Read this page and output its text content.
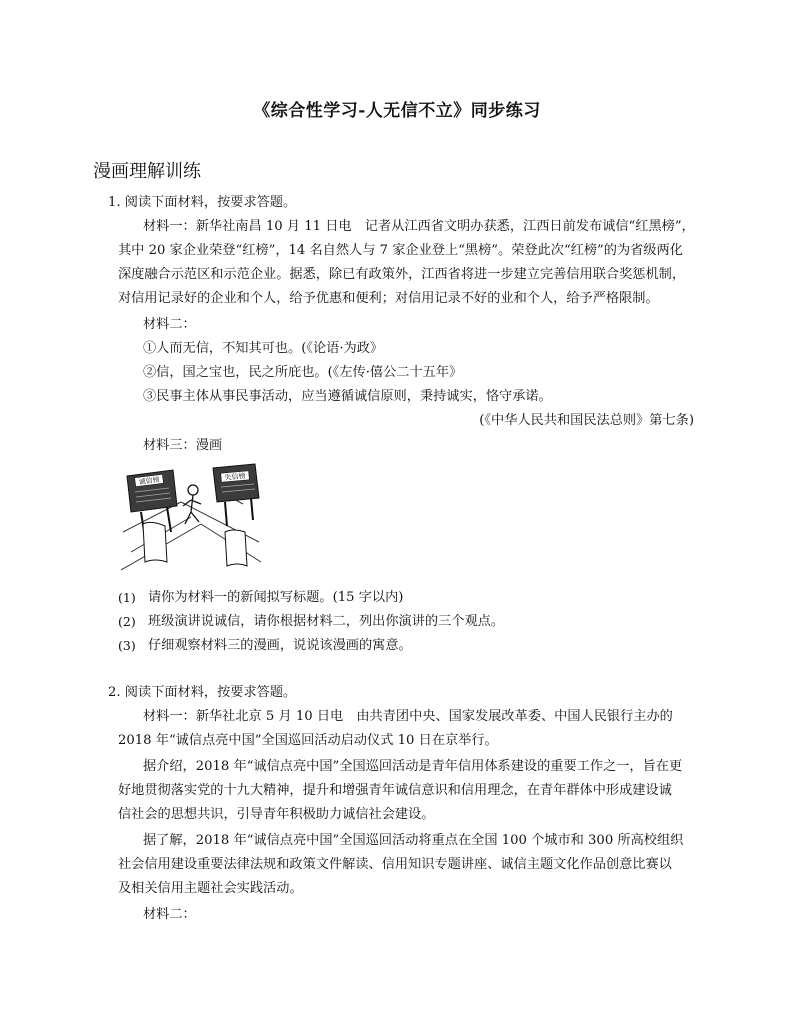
《综合性学习-人无信不立》同步练习
漫画理解训练
1. 阅读下面材料，按要求答题。
材料一：新华社南昌 10 月 11 日电　记者从江西省文明办获悉，江西日前发布诚信“红黑榜”，
其中 20 家企业荣登“红榜”，14 名自然人与 7 家企业登上“黑榜”。荣登此次“红榜”的为省级两化
深度融合示范区和示范企业。据悉，除已有政策外，江西省将进一步建立完善信用联合奖惩机制，
对信用记录好的企业和个人，给予优惠和便利；对信用记录不好的业和个人，给予严格限制。
材料二：
①人而无信，不知其可也。(《论语·为政》
②信，国之宝也，民之所庇也。(《左传·僖公二十五年》
③民事主体从事民事活动，应当遵循诚信原则，秉持诚实，恪守承诺。
(《中华人民共和国民法总则》第七条)
材料三：漫画
诚信榜	失信榜
(1) 请你为材料一的新闻拟写标题。(15 字以内)
(2) 班级演讲说诚信，请你根据材料二，列出你演讲的三个观点。
(3) 仔细观察材料三的漫画，说说该漫画的寓意。
2. 阅读下面材料，按要求答题。
材料一：新华社北京 5 月 10 日电　由共青团中央、国家发展改革委、中国人民银行主办的
2018 年“诚信点亮中国”全国巡回活动启动仪式 10 日在京举行。
据介绍，2018 年“诚信点亮中国”全国巡回活动是青年信用体系建设的重要工作之一，旨在更
好地贯彻落实党的十九大精神，提升和增强青年诚信意识和信用理念，在青年群体中形成建设诚
信社会的思想共识，引导青年积极助力诚信社会建设。
据了解，2018 年“诚信点亮中国”全国巡回活动将重点在全国 100 个城市和 300 所高校组织
社会信用建设重要法律法规和政策文件解读、信用知识专题讲座、诚信主题文化作品创意比赛以
及相关信用主题社会实践活动。
材料二：
